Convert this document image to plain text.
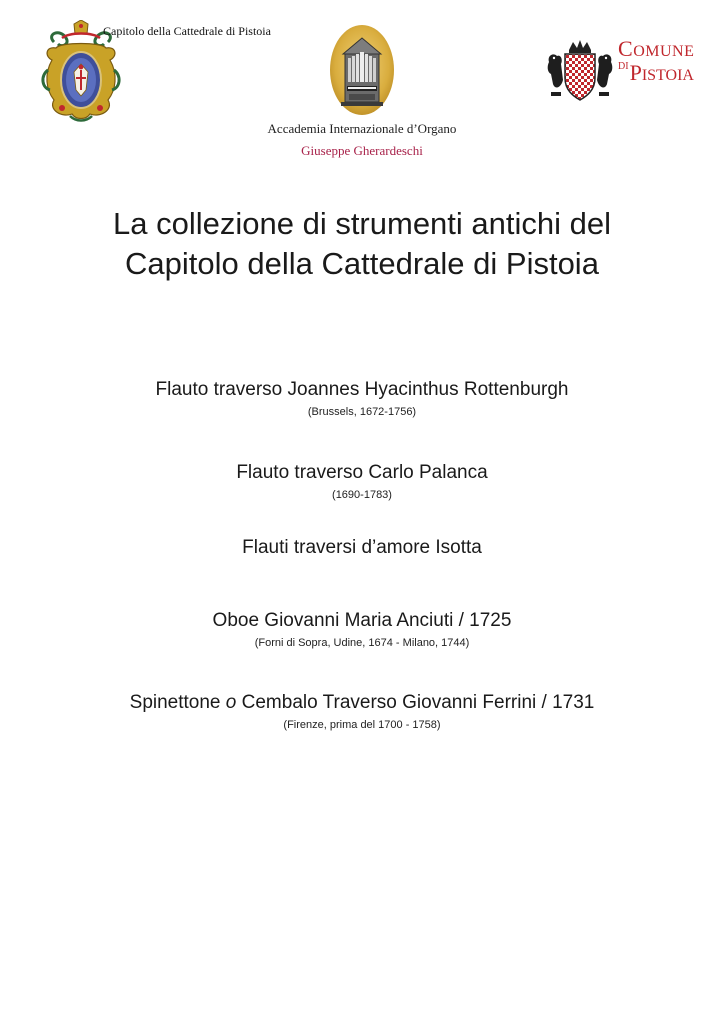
Capitolo della Cattedrale di Pistoia
Accademia Internazionale d’Organo
Giuseppe Gherardeschi
COMUNE
$^{DI}$PISTOIA
La collezione di strumenti antichi del
Capitolo della Cattedrale di Pistoia
Flauto traverso Joannes Hyacinthus Rottenburgh
(Brussels, 1672-1756)
Flauto traverso Carlo Palanca
(1690-1783)
Flauti traversi d’amore Isotta
Oboe Giovanni Maria Anciuti / 1725
(Forni di Sopra, Udine, 1674 - Milano, 1744)
Spinettone o Cembalo Traverso Giovanni Ferrini / 1731
(Firenze, prima del 1700 - 1758)
